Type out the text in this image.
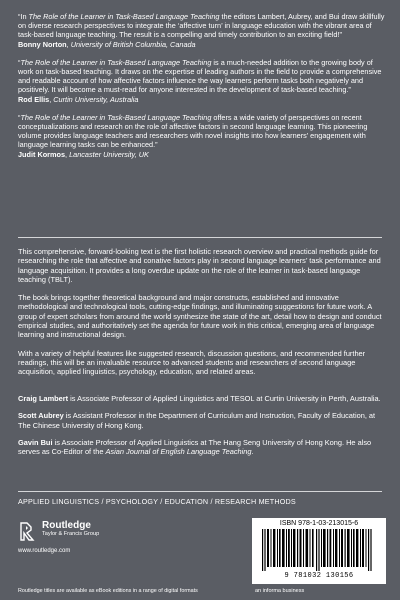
“In The Role of the Learner in Task-Based Language Teaching the editors Lambert, Aubrey, and Bui draw skillfully on diverse research perspectives to integrate the ‘affective turn’ in language education with the vibrant area of task-based language teaching. The result is a compelling and timely contribution to an exciting field!”
Bonny Norton, University of British Columbia, Canada
“The Role of the Learner in Task-Based Language Teaching is a much-needed addition to the growing body of work on task-based teaching. It draws on the expertise of leading authors in the field to provide a comprehensive and readable account of how affective factors influence the way learners perform tasks both negatively and positively. It will become a must-read for anyone interested in the development of task-based teaching.”
Rod Ellis, Curtin University, Australia
“The Role of the Learner in Task-Based Language Teaching offers a wide variety of perspectives on recent conceptualizations and research on the role of affective factors in second language learning. This pioneering volume provides language teachers and researchers with novel insights into how learners’ engagement with language learning tasks can be enhanced.”
Judit Kormos, Lancaster University, UK

This comprehensive, forward-looking text is the first holistic research overview and practical methods guide for researching the role that affective and conative factors play in second language learners’ task performance and language acquisition. It provides a long overdue update on the role of the learner in task-based language teaching (TBLT).

The book brings together theoretical background and major constructs, established and innovative methodological and technological tools, cutting-edge findings, and illuminating suggestions for future work. A group of expert scholars from around the world synthesize the state of the art, detail how to design and conduct empirical studies, and authoritatively set the agenda for future work in this critical, emerging area of language learning and instructional design.

With a variety of helpful features like suggested research, discussion questions, and recommended further readings, this will be an invaluable resource to advanced students and researchers of second language acquisition, applied linguistics, psychology, education, and related areas.

Craig Lambert is Associate Professor of Applied Linguistics and TESOL at Curtin University in Perth, Australia.

Scott Aubrey is Assistant Professor in the Department of Curriculum and Instruction, Faculty of Education, at The Chinese University of Hong Kong.

Gavin Bui is Associate Professor of Applied Linguistics at The Hang Seng University of Hong Kong. He also serves as Co-Editor of the Asian Journal of English Language Teaching.

APPLIED LINGUISTICS / PSYCHOLOGY / EDUCATION / RESEARCH METHODS
Routledge
Taylor & Francis Group
www.routledge.com
ISBN 978-1-03-213015-6
9 781032 130156
an informa business
Routledge titles are available as eBook editions in a range of digital formats
